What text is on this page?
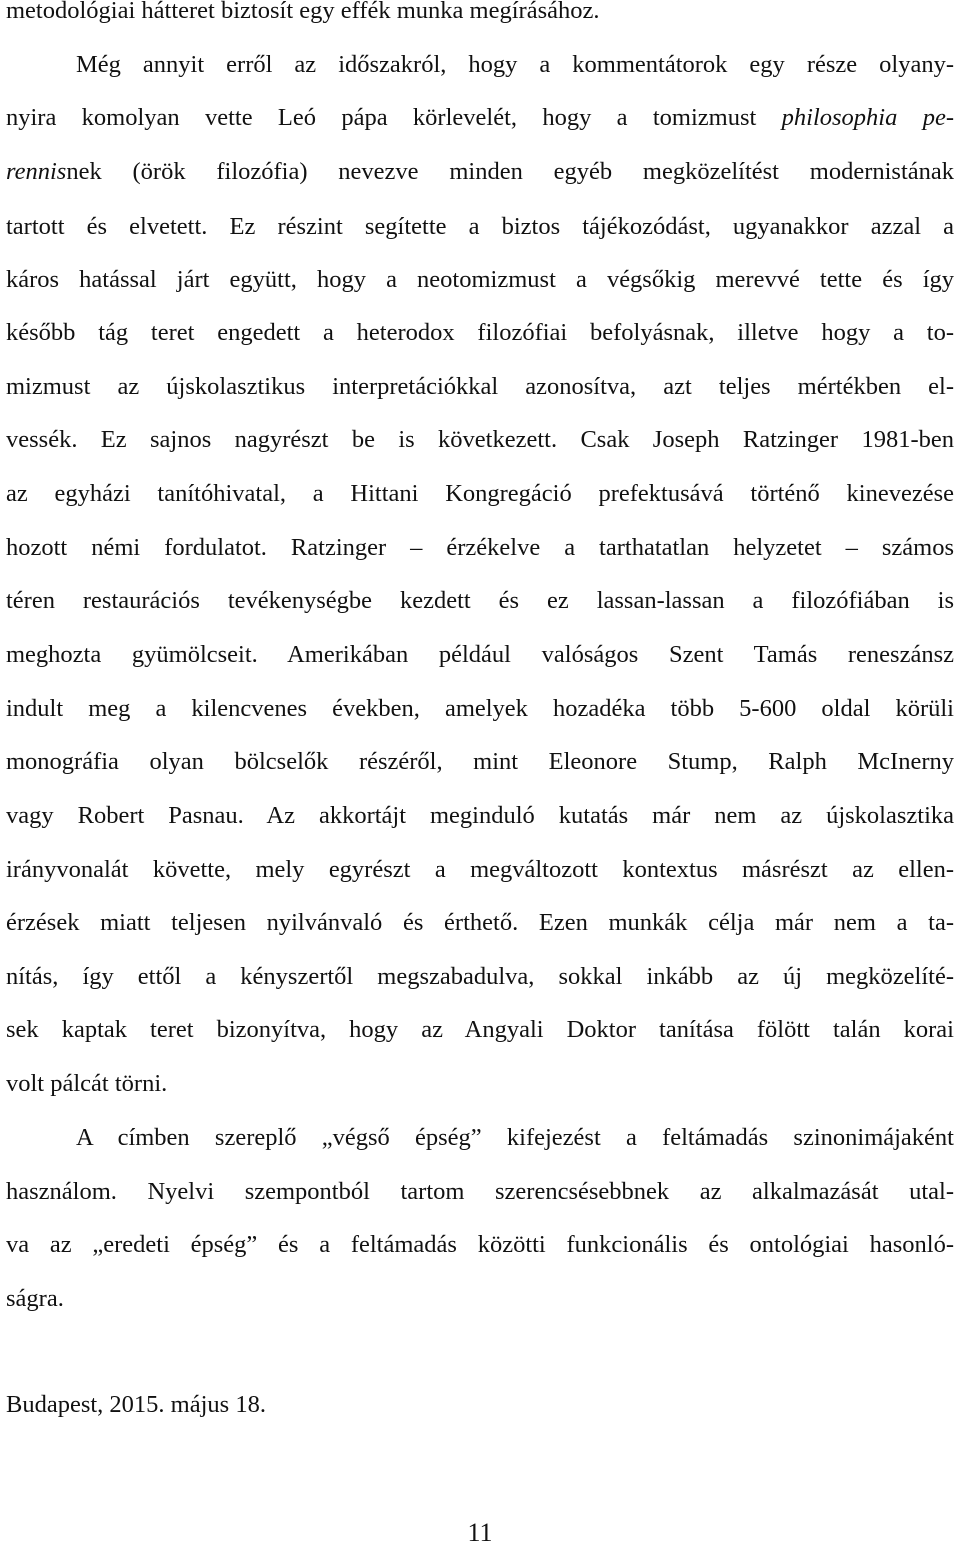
metodológiai hátteret biztosít egy effék munka megírásához.
Még annyit erről az időszakról, hogy a kommentátorok egy része olyany-
nyira komolyan vette Leó pápa körlevelét, hogy a tomizmust philosophia pe-
rennisnek (örök filozófia) nevezve minden egyéb megközelítést modernistának
tartott és elvetett. Ez részint segítette a biztos tájékozódást, ugyanakkor azzal a
káros hatással járt együtt, hogy a neotomizmust a végsőkig merevvé tette és így
később tág teret engedett a heterodox filozófiai befolyásnak, illetve hogy a to-
mizmust az újskolasztikus interpretációkkal azonosítva, azt teljes mértékben el-
vessék. Ez sajnos nagyrészt be is következett. Csak Joseph Ratzinger 1981-ben
az egyházi tanítóhivatal, a Hittani Kongregáció prefektusává történő kinevezése
hozott némi fordulatot. Ratzinger – érzékelve a tarthatatlan helyzetet – számos
téren restaurációs tevékenységbe kezdett és ez lassan-lassan a filozófiában is
meghozta gyümölcseit. Amerikában például valóságos Szent Tamás reneszánsz
indult meg a kilencvenes években, amelyek hozadéka több 5-600 oldal körüli
monográfia olyan bölcselők részéről, mint Eleonore Stump, Ralph McInerny
vagy Robert Pasnau. Az akkortájt meginduló kutatás már nem az újskolasztika
irányvonalát követte, mely egyrészt a megváltozott kontextus másrészt az ellen-
érzések miatt teljesen nyilvánvaló és érthető. Ezen munkák célja már nem a ta-
nítás, így ettől a kényszertől megszabadulva, sokkal inkább az új megközelíté-
sek kaptak teret bizonyítva, hogy az Angyali Doktor tanítása fölött talán korai
volt pálcát törni.
A címben szereplő „végső épség” kifejezést a feltámadás szinonimájaként
használom. Nyelvi szempontból tartom szerencsésebbnek az alkalmazását utal-
va az „eredeti épség” és a feltámadás közötti funkcionális és ontológiai hasonló-
ságra.
Budapest, 2015. május 18.
11
